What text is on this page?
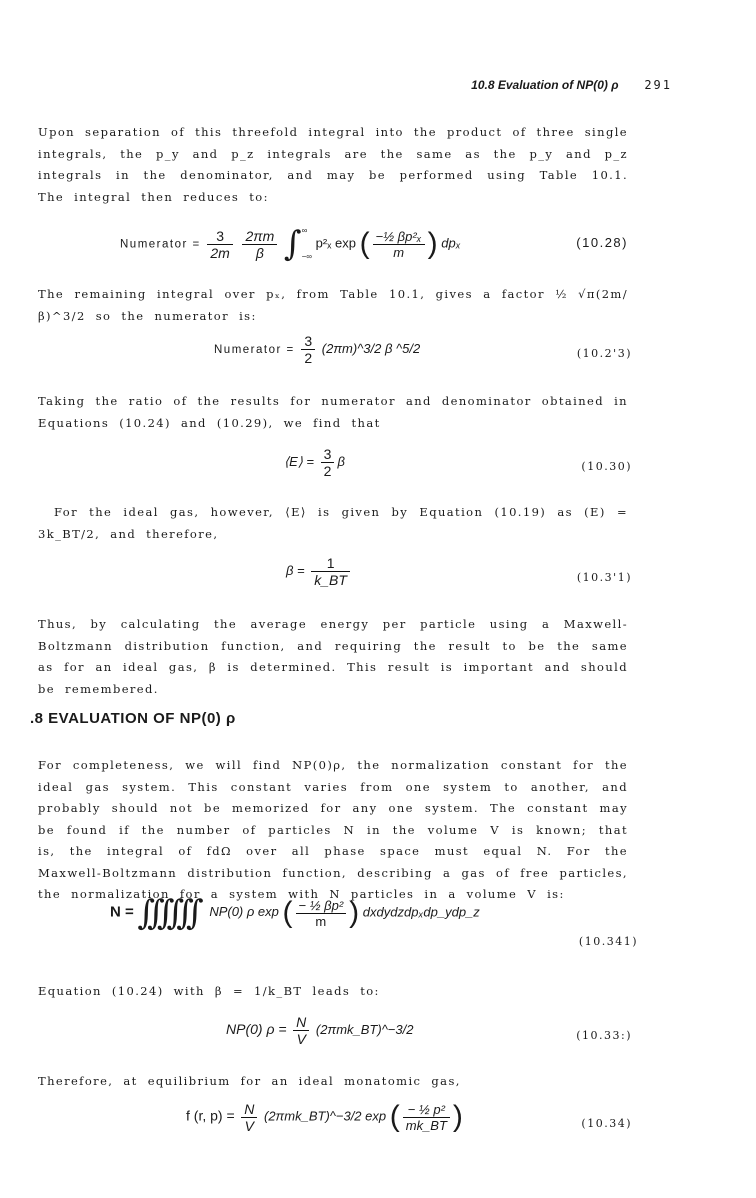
10.8 Evaluation of NP(0) ρ 291
Upon separation of this threefold integral into the product of three single integrals, the p_y and p_z integrals are the same as the p_y and p_z integrals in the denominator, and may be performed using Table 10.1. The integral then reduces to:
Numerator = $\frac{3}{2m}$
$\frac{2\pi m}{\beta}$ ∫ ∞
−∞
p²ₓ exp ( $\frac{\text{−½ βp²ₓ}}{m}$ ) dpₓ	(10.28)
The remaining integral over pₓ, from Table 10.1, gives a factor ½ √π(2m/β)^3/2 so the numerator is:
Numerator = $\frac{3}{2}$ (2πm)^3/2 β ^5/2	(10.2'3)
Taking the ratio of the results for numerator and denominator obtained in Equations (10.24) and (10.29), we find that
⟨E⟩ = $\frac{3}{2}$ β	(10.30)
For the ideal gas, however, ⟨E⟩ is given by Equation (10.19) as (E) = 3k_BT/2, and therefore,
$\beta = \frac{1}{k\_BT}$	(10.3'1)
Thus, by calculating the average energy per particle using a Maxwell-Boltzmann distribution function, and requiring the result to be the same as for an ideal gas, β is determined. This result is important and should be remembered.
.8 EVALUATION OF NP(0) ρ
For completeness, we will find NP(0)ρ, the normalization constant for the ideal gas system. This constant varies from one system to another, and probably should not be memorized for any one system. The constant may be found if the number of particles N in the volume V is known; that is, the integral of fdΩ over all phase space must equal N. For the Maxwell-Boltzmann distribution function, describing a gas of free particles, the normalization for a system with N particles in a volume V is:
N = ∫∫∫∫∫∫ NP(0) ρ exp ( $\frac{\text{− ½ βp²}}{m}$ ) dxdydzdpₓdp_ydp_z
(10.341)
Equation (10.24) with β = 1/k_BT leads to:
NP(0) $\rho = \frac{N}{V}$ (2πmk_BT)^−3/2	(10.33:)
Therefore, at equilibrium for an ideal monatomic gas,
f (r, $p) = \frac{N}{V}$ (2πmk_BT)^−3/2 exp ( $\frac{\text{− ½ p²}}{mk\_BT}$ )	(10.34)
